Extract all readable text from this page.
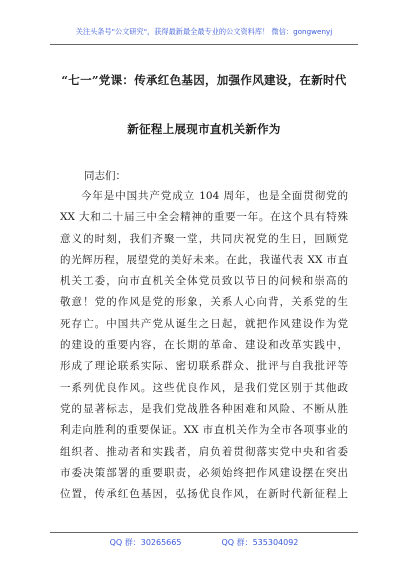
关注头条号"公文研究"，获得最新最全最专业的公文资料库！ 微信：gongwenyj
“七一”党课：传承红色基因，加强作风建设，在新时代
新征程上展现市直机关新作为
同志们：
今年是中国共产党成立 104 周年，也是全面贯彻党的
XX 大和二十届三中全会精神的重要一年。在这个具有特殊
意义的时刻，我们齐聚一堂，共同庆祝党的生日，回顾党
的光辉历程，展望党的美好未来。在此，我谨代表 XX 市直
机关工委，向市直机关全体党员致以节日的问候和崇高的
敬意！党的作风是党的形象，关系人心向背，关系党的生
死存亡。中国共产党从诞生之日起，就把作风建设作为党
的建设的重要内容，在长期的革命、建设和改革实践中，
形成了理论联系实际、密切联系群众、批评与自我批评等
一系列优良作风。这些优良作风，是我们党区别于其他政
党的显著标志，是我们党战胜各种困难和风险、不断从胜
利走向胜利的重要保证。XX 市直机关作为全市各项事业的
组织者、推动者和实践者，肩负着贯彻落实党中央和省委
市委决策部署的重要职责，必须始终把作风建设摆在突出
位置，传承红色基因，弘扬优良作风，在新时代新征程上
QQ 群：30265665	QQ 群：535304092
